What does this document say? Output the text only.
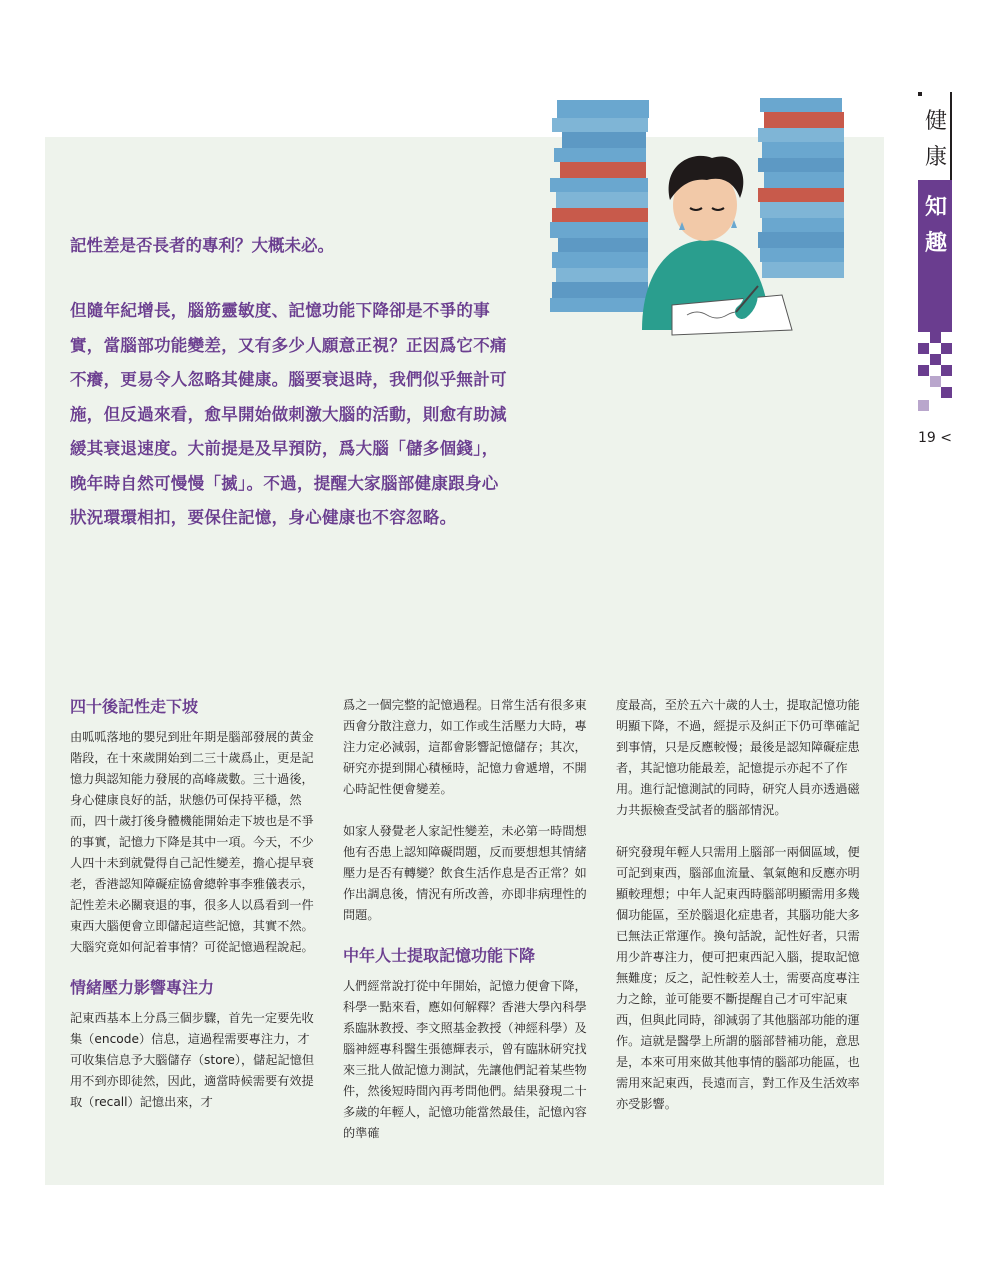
記性差是否長者的專利？大概未必。

但隨年紀增長，腦筋靈敏度、記憶功能下降卻是不爭的事實，當腦部功能變差，又有多少人願意正視？正因爲它不痛不癢，更易令人忽略其健康。腦要衰退時，我們似乎無計可施，但反過來看，愈早開始做刺激大腦的活動，則愈有助減緩其衰退速度。大前提是及早預防，爲大腦「儲多個錢」，晚年時自然可慢慢「揻」。不過，提醒大家腦部健康跟身心狀況環環相扣，要保住記憶，身心健康也不容忽略。

四十後記性走下坡

由呱呱落地的嬰兒到壯年期是腦部發展的黃金階段，在十來歲開始到二三十歲爲止，更是記憶力與認知能力發展的高峰歲數。三十過後，身心健康良好的話，狀態仍可保持平穩，然而，四十歲打後身體機能開始走下坡也是不爭的事實，記憶力下降是其中一項。今天，不少人四十未到就覺得自己記性變差，擔心提早衰老，香港認知障礙症協會總幹事李雅儀表示，記性差未必關衰退的事，很多人以爲看到一件東西大腦便會立即儲起這些記憶，其實不然。大腦究竟如何記着事情？可從記憶過程說起。

情緒壓力影響專注力

記東西基本上分爲三個步驟，首先一定要先收集（encode）信息，這過程需要專注力，才可收集信息予大腦儲存（store），儲起記憶但用不到亦即徒然，因此，適當時候需要有效提取（recall）記憶出來，才

爲之一個完整的記憶過程。日常生活有很多東西會分散注意力，如工作或生活壓力大時，專注力定必減弱，這都會影響記憶儲存；其次，研究亦提到開心積極時，記憶力會遞增，不開心時記性便會變差。

如家人發覺老人家記性變差，未必第一時間想他有否患上認知障礙問題，反而要想想其情緒壓力是否有轉變？飲食生活作息是否正常？如作出調息後，情況有所改善，亦即非病理性的問題。

中年人士提取記憶功能下降

人們經常說打從中年開始，記憶力便會下降，科學一點來看，應如何解釋？香港大學內科學系臨牀教授、李文照基金教授（神經科學）及腦神經專科醫生張德輝表示，曾有臨牀研究找來三批人做記憶力測試，先讓他們記着某些物件，然後短時間內再考問他們。結果發現二十多歲的年輕人，記憶功能當然最佳，記憶內容的準確

度最高，至於五六十歲的人士，提取記憶功能明顯下降，不過，經提示及糾正下仍可準確記到事情，只是反應較慢；最後是認知障礙症患者，其記憶功能最差，記憶提示亦起不了作用。進行記憶測試的同時，研究人員亦透過磁力共振檢查受試者的腦部情況。

研究發現年輕人只需用上腦部一兩個區域，便可記到東西，腦部血流量、氧氣飽和反應亦明顯較理想；中年人記東西時腦部明顯需用多幾個功能區，至於腦退化症患者，其腦功能大多已無法正常運作。換句話說，記性好者，只需用少許專注力，便可把東西記入腦，提取記憶無難度；反之，記性較差人士，需要高度專注力之餘，並可能要不斷提醒自己才可牢記東西，但與此同時，卻減弱了其他腦部功能的運作。這就是醫學上所謂的腦部替補功能，意思是，本來可用來做其他事情的腦部功能區，也需用來記東西，長遠而言，對工作及生活效率亦受影響。

健
康
知
趣
19 <
